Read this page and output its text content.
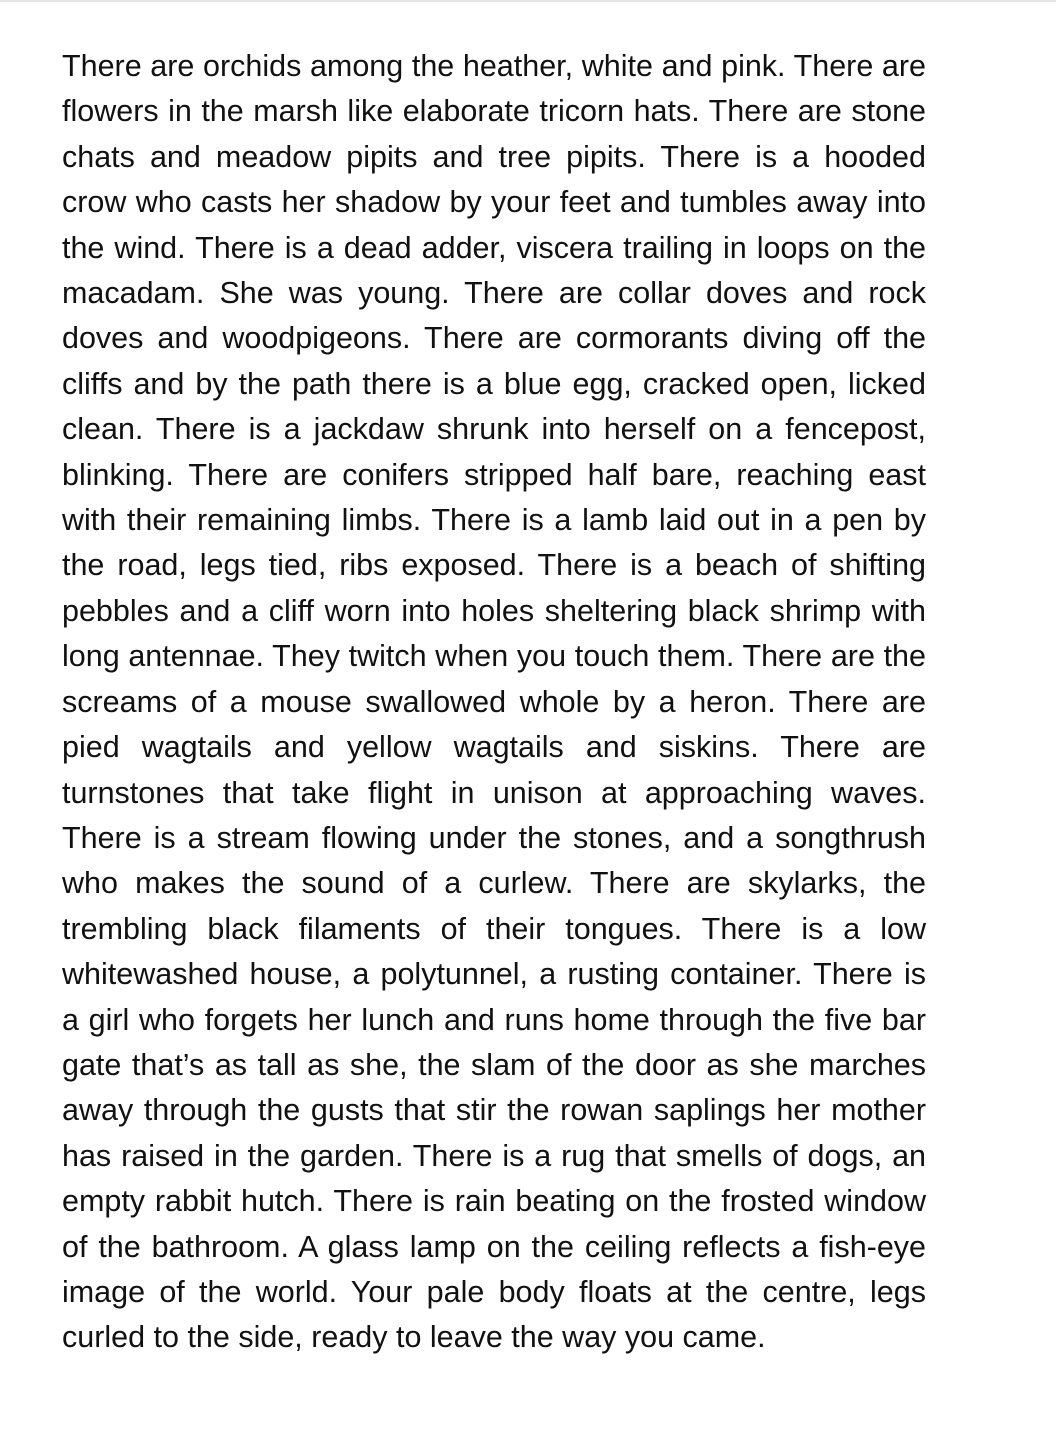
There are orchids among the heather, white and pink. There are flowers in the marsh like elaborate tricorn hats. There are stone chats and meadow pipits and tree pipits. There is a hooded crow who casts her shadow by your feet and tumbles away into the wind. There is a dead adder, viscera trailing in loops on the macadam. She was young. There are collar doves and rock doves and woodpigeons. There are cormorants diving off the cliffs and by the path there is a blue egg, cracked open, licked clean. There is a jackdaw shrunk into herself on a fencepost, blinking. There are conifers stripped half bare, reaching east with their remaining limbs. There is a lamb laid out in a pen by the road, legs tied, ribs exposed. There is a beach of shifting pebbles and a cliff worn into holes sheltering black shrimp with long antennae. They twitch when you touch them. There are the screams of a mouse swallowed whole by a heron. There are pied wagtails and yellow wagtails and siskins. There are turnstones that take flight in unison at approaching waves. There is a stream flowing under the stones, and a songthrush who makes the sound of a curlew. There are skylarks, the trembling black filaments of their tongues. There is a low whitewashed house, a polytunnel, a rusting container. There is a girl who forgets her lunch and runs home through the five bar gate that’s as tall as she, the slam of the door as she marches away through the gusts that stir the rowan saplings her mother has raised in the garden. There is a rug that smells of dogs, an empty rabbit hutch. There is rain beating on the frosted window of the bathroom. A glass lamp on the ceiling reflects a fish-eye image of the world. Your pale body floats at the centre, legs curled to the side, ready to leave the way you came.
